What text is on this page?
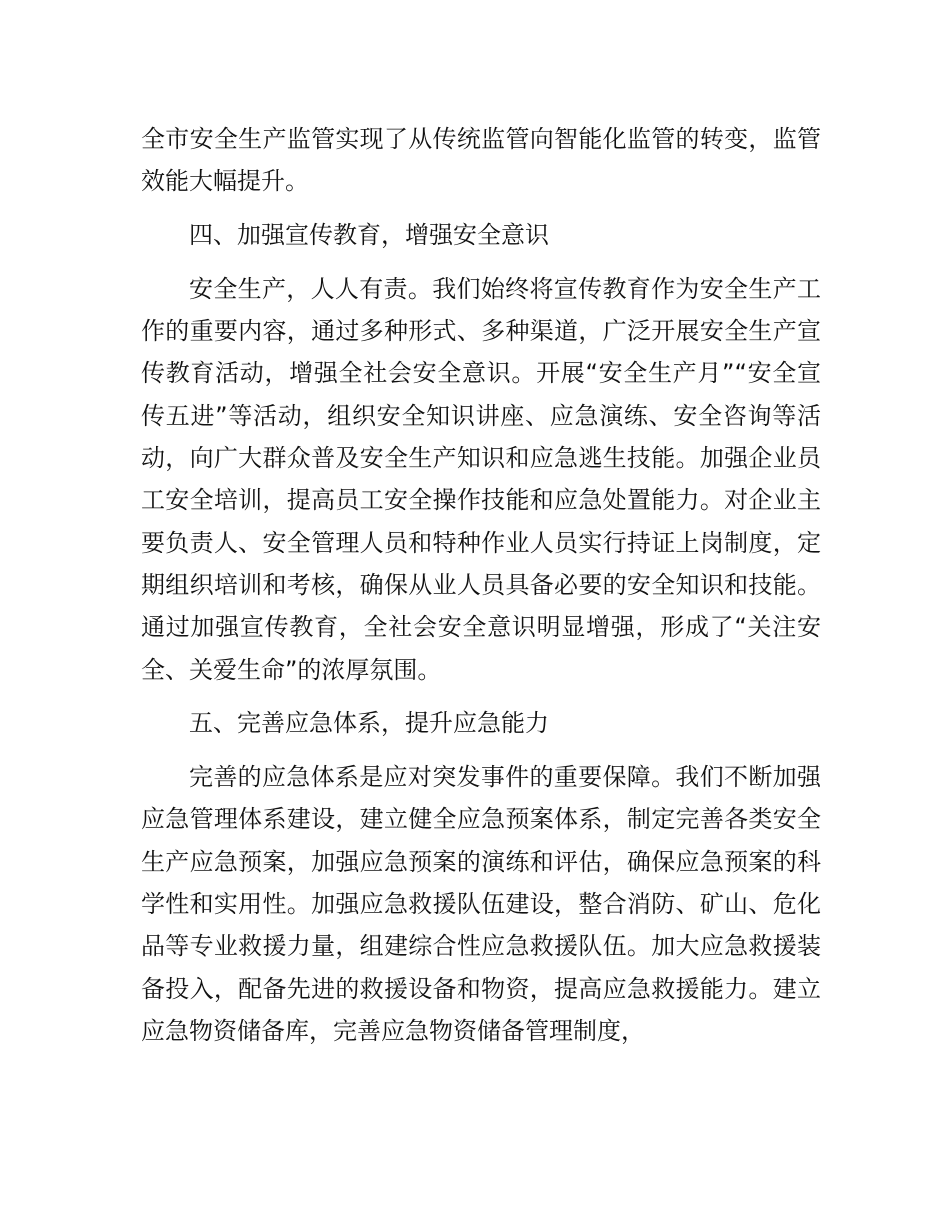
全市安全生产监管实现了从传统监管向智能化监管的转变，监管效能大幅提升。

四、加强宣传教育，增强安全意识

安全生产，人人有责。我们始终将宣传教育作为安全生产工作的重要内容，通过多种形式、多种渠道，广泛开展安全生产宣传教育活动，增强全社会安全意识。开展“安全生产月”“安全宣传五进”等活动，组织安全知识讲座、应急演练、安全咨询等活动，向广大群众普及安全生产知识和应急逃生技能。加强企业员工安全培训，提高员工安全操作技能和应急处置能力。对企业主要负责人、安全管理人员和特种作业人员实行持证上岗制度，定期组织培训和考核，确保从业人员具备必要的安全知识和技能。通过加强宣传教育，全社会安全意识明显增强，形成了“关注安全、关爱生命”的浓厚氛围。

五、完善应急体系，提升应急能力

完善的应急体系是应对突发事件的重要保障。我们不断加强应急管理体系建设，建立健全应急预案体系，制定完善各类安全生产应急预案，加强应急预案的演练和评估，确保应急预案的科学性和实用性。加强应急救援队伍建设，整合消防、矿山、危化品等专业救援力量，组建综合性应急救援队伍。加大应急救援装备投入，配备先进的救援设备和物资，提高应急救援能力。建立应急物资储备库，完善应急物资储备管理制度，
